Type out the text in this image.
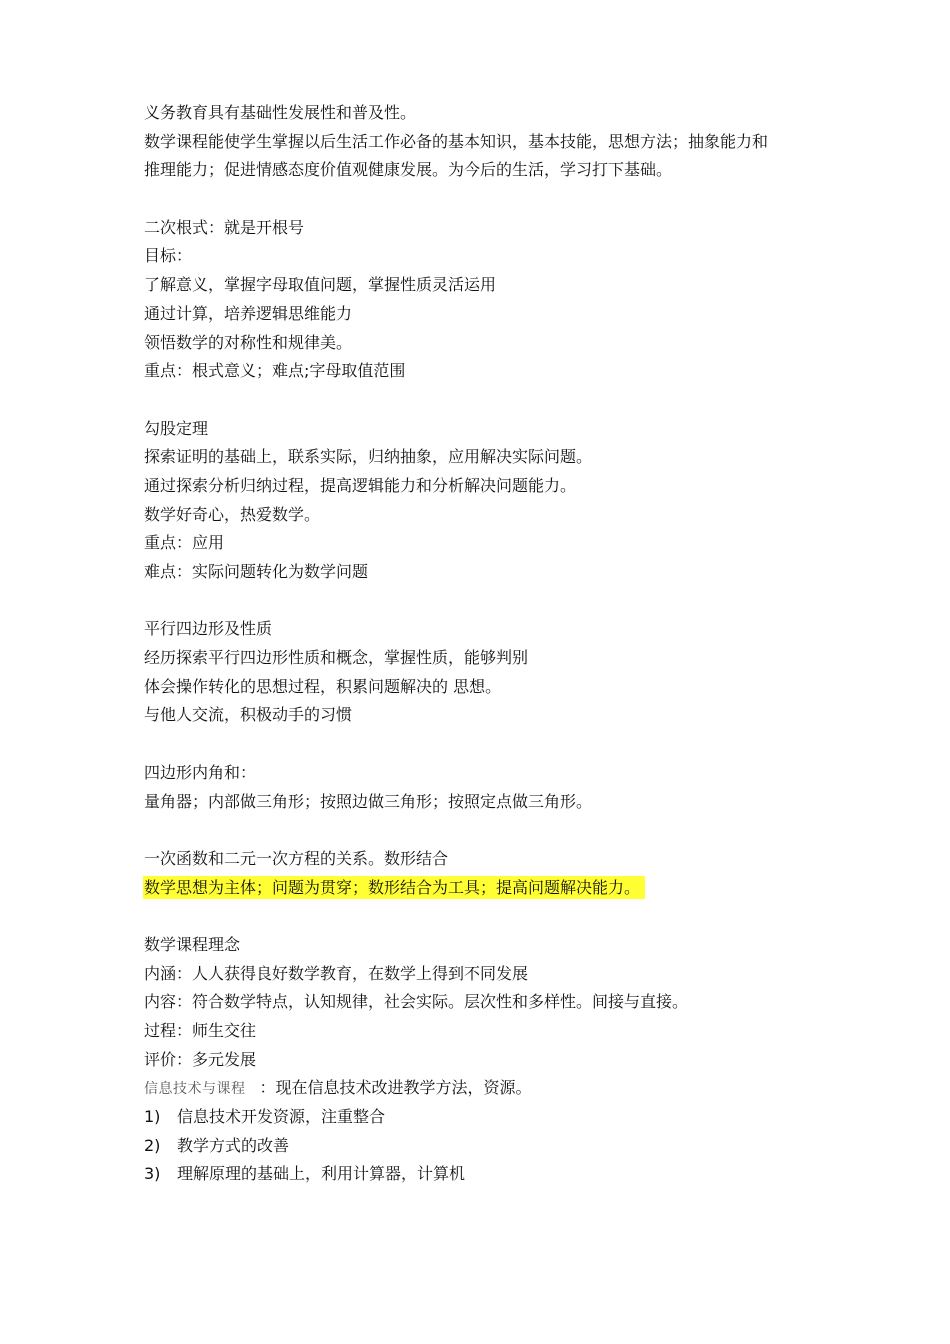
义务教育具有基础性发展性和普及性。
数学课程能使学生掌握以后生活工作必备的基本知识，基本技能，思想方法；抽象能力和
推理能力；促进情感态度价值观健康发展。为今后的生活，学习打下基础。
二次根式：就是开根号
目标：
了解意义，掌握字母取值问题，掌握性质灵活运用
通过计算，培养逻辑思维能力
领悟数学的对称性和规律美。
重点：根式意义；难点;字母取值范围
勾股定理
探索证明的基础上，联系实际，归纳抽象，应用解决实际问题。
通过探索分析归纳过程，提高逻辑能力和分析解决问题能力。
数学好奇心，热爱数学。
重点：应用
难点：实际问题转化为数学问题
平行四边形及性质
经历探索平行四边形性质和概念，掌握性质，能够判别
体会操作转化的思想过程，积累问题解决的 思想。
与他人交流，积极动手的习惯
四边形内角和：
量角器；内部做三角形；按照边做三角形；按照定点做三角形。
一次函数和二元一次方程的关系。数形结合
数学思想为主体；问题为贯穿；数形结合为工具；提高问题解决能力。
数学课程理念
内涵：人人获得良好数学教育，在数学上得到不同发展
内容：符合数学特点，认知规律，社会实际。层次性和多样性。间接与直接。
过程：师生交往
评价：多元发展
信息技术与课程 ：现在信息技术改进教学方法，资源。
1) 信息技术开发资源，注重整合
2) 教学方式的改善
3) 理解原理的基础上，利用计算器，计算机
